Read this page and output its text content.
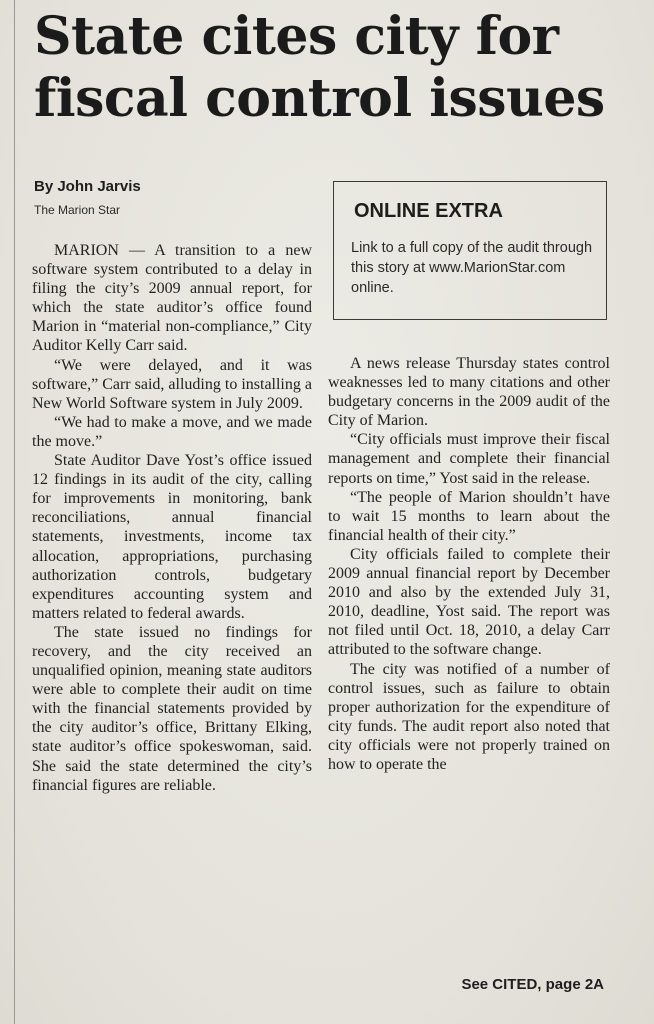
State cites city for
fiscal control issues
By John Jarvis
The Marion Star

MARION — A transition to a new software system contributed to a delay in filing the city’s 2009 annual report, for which the state auditor’s office found Marion in “material non-compliance,” City Auditor Kelly Carr said.

“We were delayed, and it was software,” Carr said, alluding to installing a New World Software system in July 2009.

“We had to make a move, and we made the move.”

State Auditor Dave Yost’s office issued 12 findings in its audit of the city, calling for improvements in monitoring, bank reconciliations, annual financial statements, investments, income tax allocation, appropriations, purchasing authorization controls, budgetary expenditures accounting system and matters related to federal awards.

The state issued no findings for recovery, and the city received an unqualified opinion, meaning state auditors were able to complete their audit on time with the financial statements provided by the city auditor’s office, Brittany Elking, state auditor’s office spokeswoman, said. She said the state determined the city’s financial figures are reliable.

ONLINE EXTRA
Link to a full copy of the audit through this story at www.MarionStar.com online.

A news release Thursday states control weaknesses led to many citations and other budgetary concerns in the 2009 audit of the City of Marion.

“City officials must improve their fiscal management and complete their financial reports on time,” Yost said in the release.

“The people of Marion shouldn’t have to wait 15 months to learn about the financial health of their city.”

City officials failed to complete their 2009 annual financial report by December 2010 and also by the extended July 31, 2010, deadline, Yost said. The report was not filed until Oct. 18, 2010, a delay Carr attributed to the software change.

The city was notified of a number of control issues, such as failure to obtain proper authorization for the expenditure of city funds. The audit report also noted that city officials were not properly trained on how to operate the

See CITED, page 2A
